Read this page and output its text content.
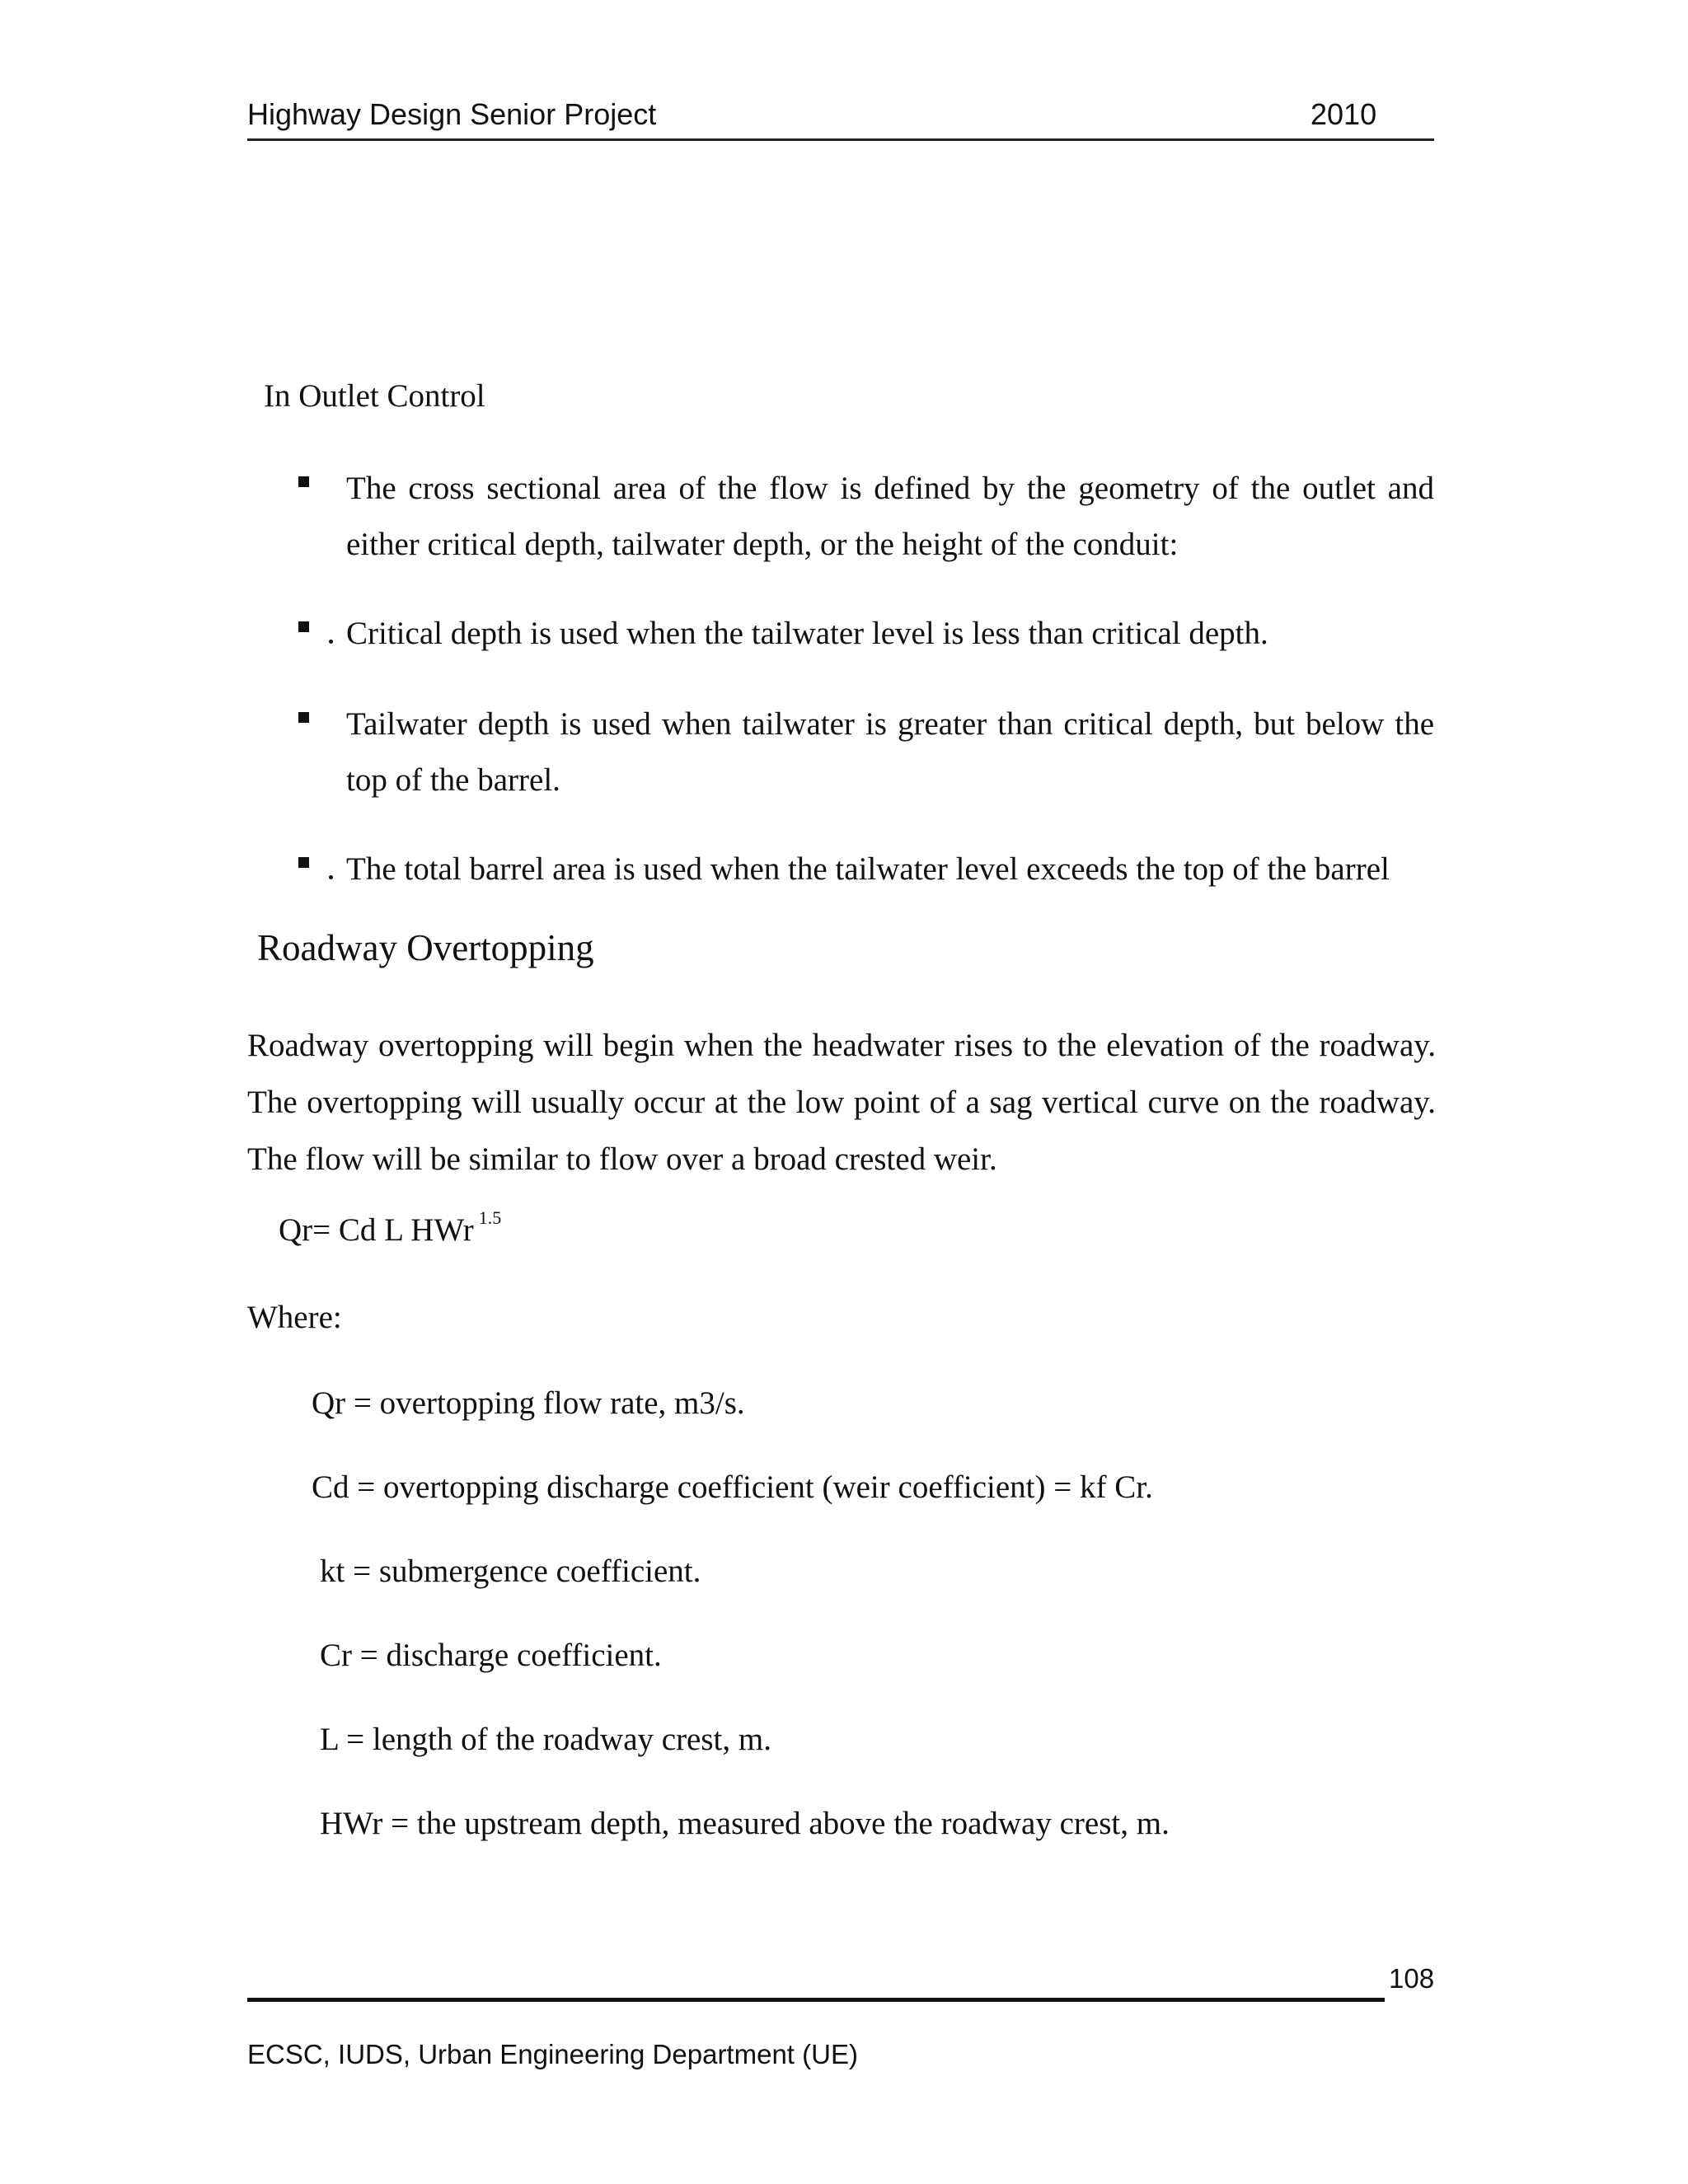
Highway Design Senior Project	2010
In Outlet Control
The cross sectional area of the flow is defined by the geometry of the outlet and either critical depth, tailwater depth, or the height of the conduit:
Critical depth is used when the tailwater level is less than critical depth.
Tailwater depth is used when tailwater is greater than critical depth, but below the top of the barrel.
The total barrel area is used when the tailwater level exceeds the top of the barrel
Roadway Overtopping
Roadway overtopping will begin when the headwater rises to the elevation of the roadway. The overtopping will usually occur at the low point of a sag vertical curve on the roadway. The flow will be similar to flow over a broad crested weir.
Qr= Cd L HWr $^{1.5}$
Where:
Qr = overtopping flow rate, m3/s.
Cd = overtopping discharge coefficient (weir coefficient) = kf Cr.
kt = submergence coefficient.
Cr = discharge coefficient.
L = length of the roadway crest, m.
HWr = the upstream depth, measured above the roadway crest, m.
108
ECSC, IUDS, Urban Engineering Department (UE)
